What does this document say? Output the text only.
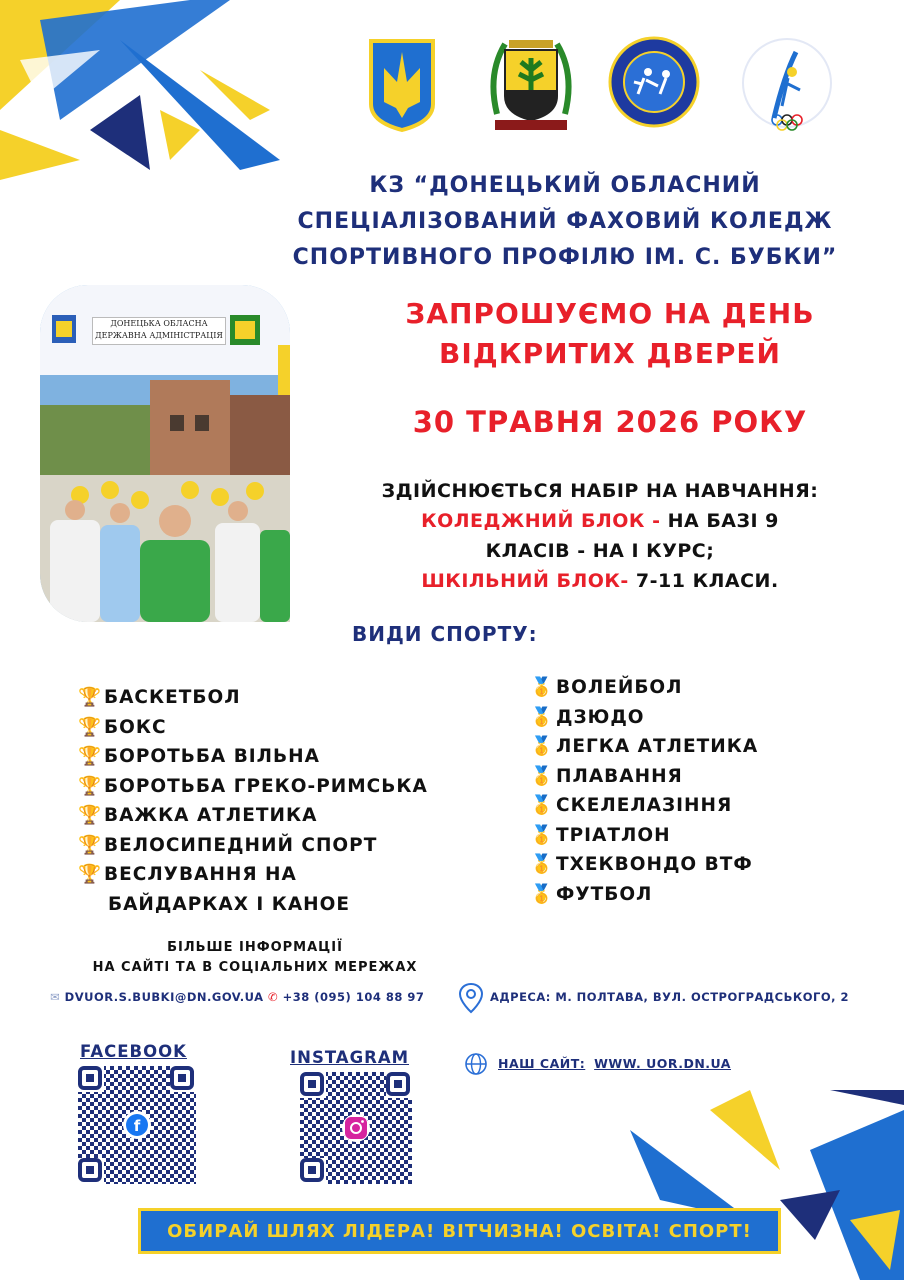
КЗ “ДОНЕЦЬКИЙ ОБЛАСНИЙ
СПЕЦІАЛІЗОВАНИЙ ФАХОВИЙ КОЛЕДЖ
СПОРТИВНОГО ПРОФІЛЮ ІМ. С. БУБКИ”
ДОНЕЦЬКА ОБЛАСНА
ДЕРЖАВНА АДМІНІСТРАЦІЯ
ЗАПРОШУЄМО НА ДЕНЬ
ВІДКРИТИХ ДВЕРЕЙ
30 ТРАВНЯ 2026 РОКУ
ЗДІЙСНЮЄТЬСЯ НАБІР НА НАВЧАННЯ:
КОЛЕДЖНИЙ БЛОК - НА БАЗІ 9
КЛАСІВ - НА І КУРС;
ШКІЛЬНИЙ БЛОК- 7-11 КЛАСИ.
ВИДИ СПОРТУ:
🏆 БАСКЕТБОЛ
🏆 БОКС
🏆 БОРОТЬБА ВІЛЬНА
🏆 БОРОТЬБА ГРЕКО-РИМСЬКА
🏆 ВАЖКА АТЛЕТИКА
🏆 ВЕЛОСИПЕДНИЙ СПОРТ
🏆 ВЕСЛУВАННЯ НА
БАЙДАРКАХ І КАНОЕ
🥇 ВОЛЕЙБОЛ
🥇 ДЗЮДО
🥇 ЛЕГКА АТЛЕТИКА
🥇 ПЛАВАННЯ
🥇 СКЕЛЕЛАЗІННЯ
🥇 ТРІАТЛОН
🥇 ТХЕКВОНДО ВТФ
🥇 ФУТБОЛ
БІЛЬШЕ ІНФОРМАЦІЇ
НА САЙТІ ТА В СОЦІАЛЬНИХ МЕРЕЖАХ
✉ DVUOR.S.BUBKI@DN.GOV.UA ✆ +38 (095) 104 88 97	АДРЕСА: М. ПОЛТАВА, ВУЛ. ОСТРОГРАДСЬКОГО, 2
НАШ САЙТ: WWW. UOR.DN.UA
FACEBOOK
f
INSTAGRAM
ОБИРАЙ ШЛЯХ ЛІДЕРА! ВІТЧИЗНА! ОСВІТА! СПОРТ!
